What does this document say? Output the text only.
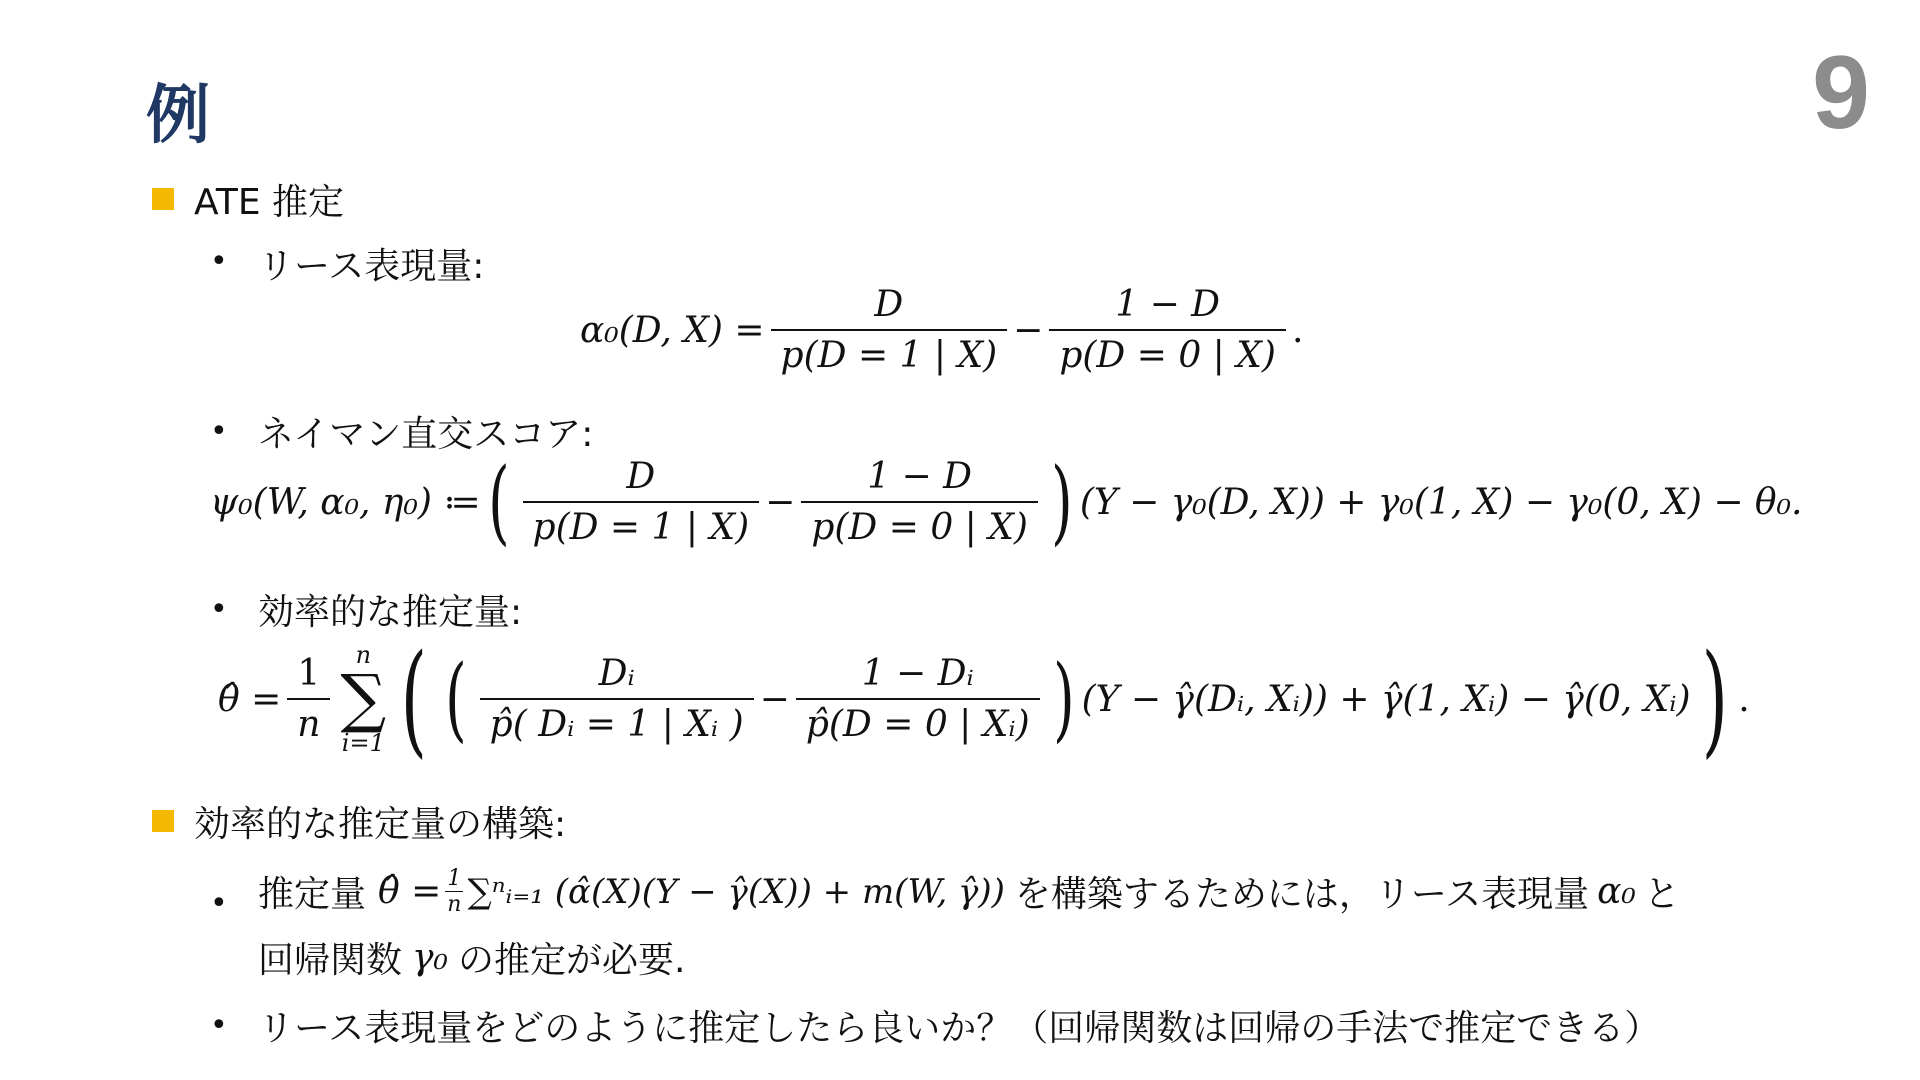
例	9
ATE 推定
• リース表現量:
α₀(D, $X) = \frac{D}{p(D = 1 | X)} - \frac{1 - D}{p(D = 0 | X)}$ .
• ネイマン直交スコア:
ψ₀(W, α₀, η₀) ≔ ( $\frac{D}{p(D = 1 | X)} - \frac{1 - D}{p(D = 0 | X)}$ ) (Y − γ₀(D, X)) + γ₀(1, X) − γ₀(0, X) − θ₀.
• 効率的な推定量:
θ̂ = $\frac{1}{n}$ n
∑
i=1 ( ( $\frac{\text{Dᵢ}}{\text{p̂( Dᵢ = 1 | Xᵢ )}} - \frac{\text{1 − Dᵢ}}{\text{p̂(D = 0 | Xᵢ)}}$ ) (Y − γ̂(Dᵢ, Xᵢ)) + γ̂(1, Xᵢ) − γ̂(0, Xᵢ) ) .
効率的な推定量の構築:
• 推定量 θ̂ = $\frac{1}{n}$ ∑ⁿᵢ₌₁ (α̂(X)(Y − γ̂(X)) + m(W, γ̂)) を構築するためには，リース表現量 α₀ と
回帰関数 γ₀ の推定が必要.
• リース表現量をどのように推定したら良いか？（回帰関数は回帰の手法で推定できる）
